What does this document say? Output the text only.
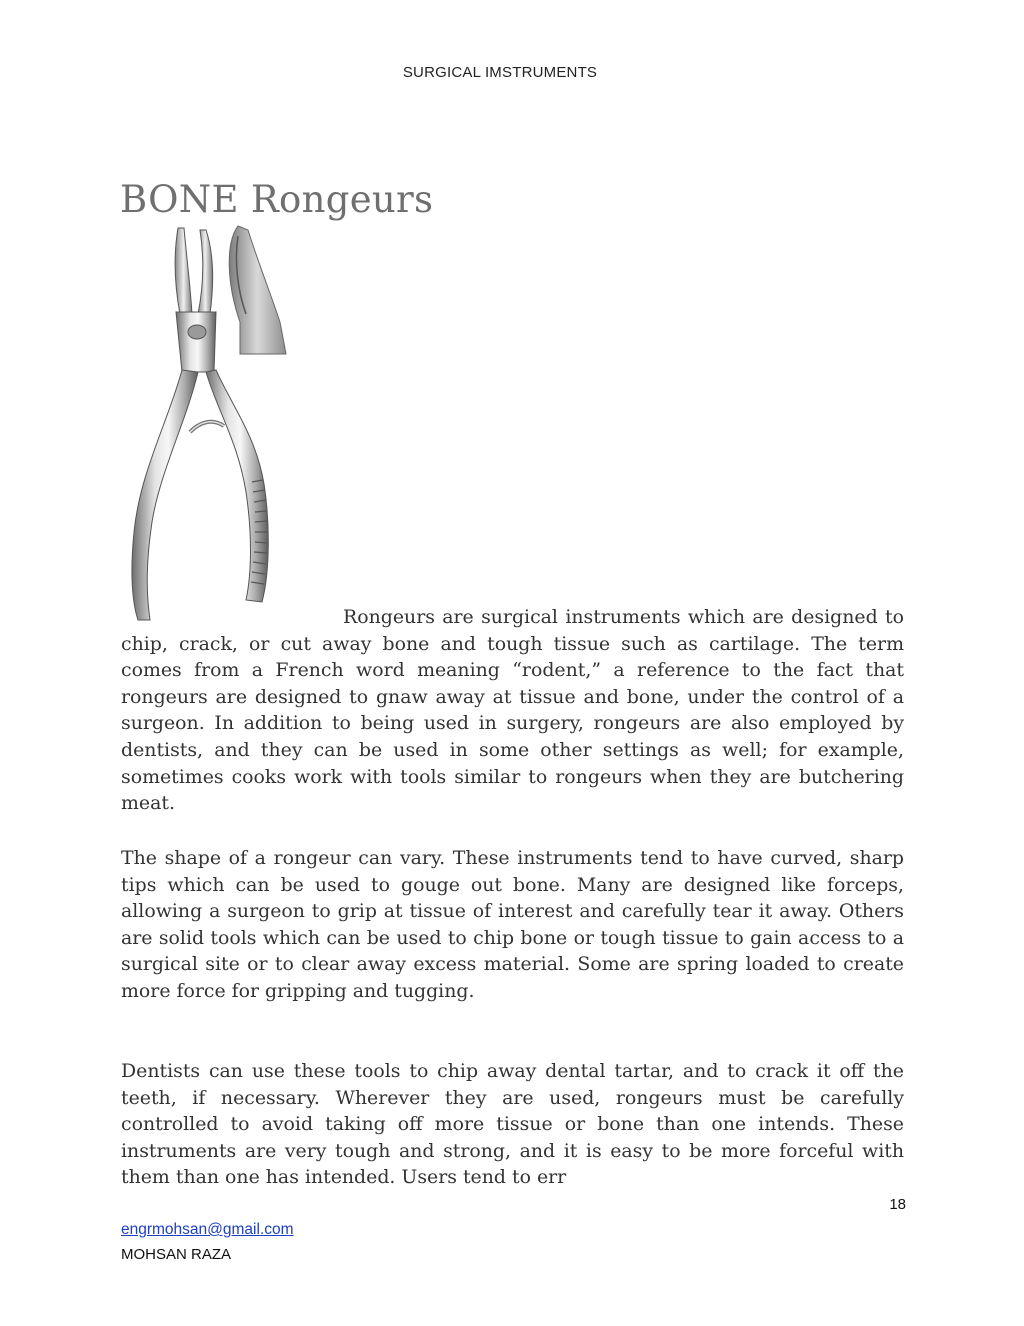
SURGICAL IMSTRUMENTS
BONE Rongeurs

Rongeurs are surgical instruments which are designed to chip, crack, or cut away bone and tough tissue such as cartilage. The term comes from a French word meaning “rodent,” a reference to the fact that rongeurs are designed to gnaw away at tissue and bone, under the control of a surgeon. In addition to being used in surgery, rongeurs are also employed by dentists, and they can be used in some other settings as well; for example, sometimes cooks work with tools similar to rongeurs when they are butchering meat.

The shape of a rongeur can vary. These instruments tend to have curved, sharp tips which can be used to gouge out bone. Many are designed like forceps, allowing a surgeon to grip at tissue of interest and carefully tear it away. Others are solid tools which can be used to chip bone or tough tissue to gain access to a surgical site or to clear away excess material. Some are spring loaded to create more force for gripping and tugging.

Dentists can use these tools to chip away dental tartar, and to crack it off the teeth, if necessary. Wherever they are used, rongeurs must be carefully controlled to avoid taking off more tissue or bone than one intends. These instruments are very tough and strong, and it is easy to be more forceful with them than one has intended. Users tend to err

18
engrmohsan@gmail.com
MOHSAN RAZA
